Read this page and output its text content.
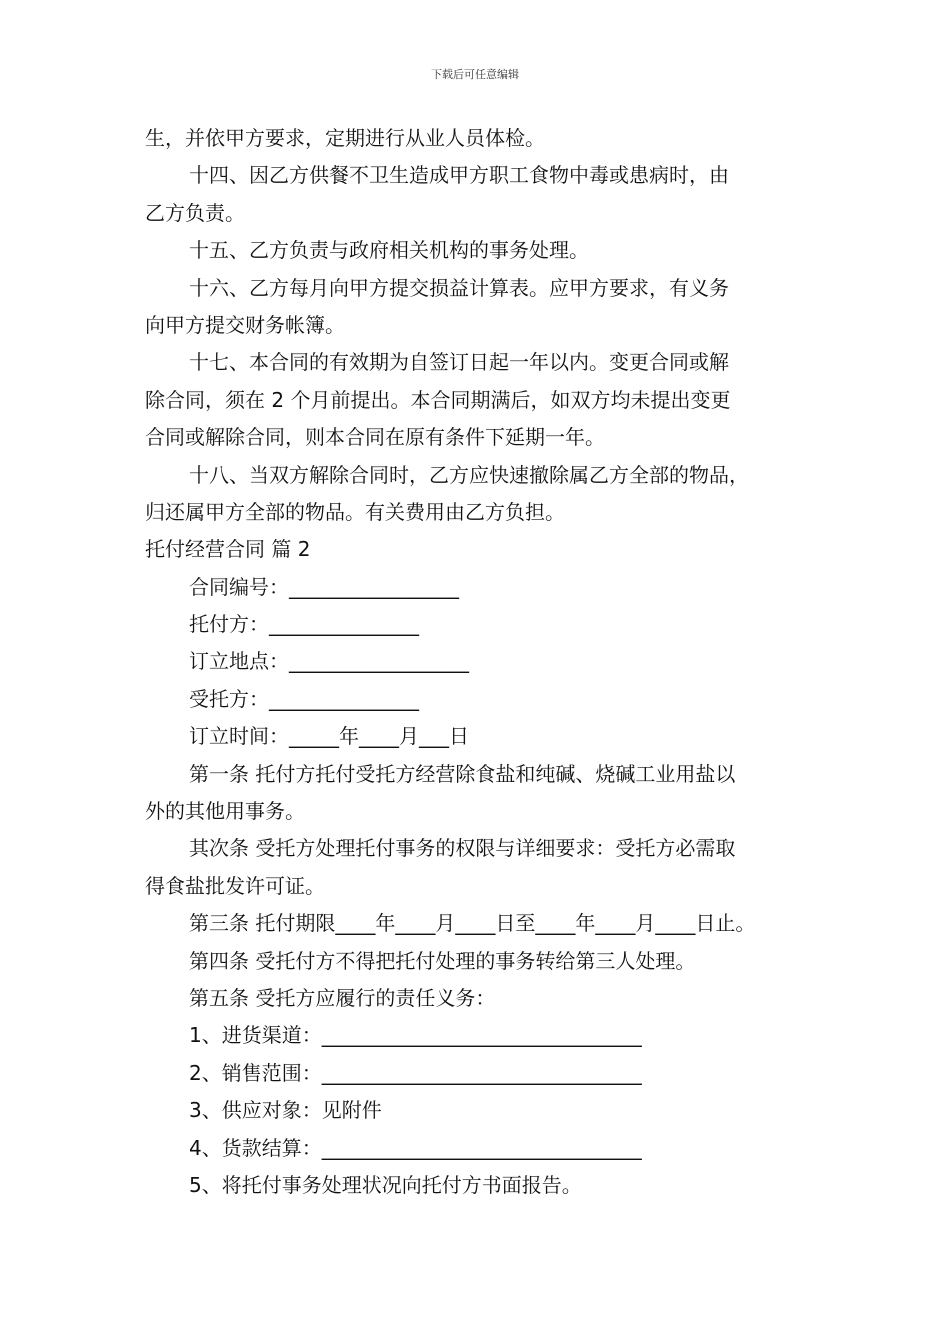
下载后可任意编辑
生，并依甲方要求，定期进行从业人员体检。
十四、因乙方供餐不卫生造成甲方职工食物中毒或患病时，由
乙方负责。
十五、乙方负责与政府相关机构的事务处理。
十六、乙方每月向甲方提交损益计算表。应甲方要求，有义务
向甲方提交财务帐簿。
十七、本合同的有效期为自签订日起一年以内。变更合同或解
除合同，须在 2 个月前提出。本合同期满后，如双方均未提出变更
合同或解除合同，则本合同在原有条件下延期一年。
十八、当双方解除合同时，乙方应快速撤除属乙方全部的物品，
归还属甲方全部的物品。有关费用由乙方负担。
托付经营合同 篇 2
合同编号：_________________
托付方：_______________
订立地点：__________________
受托方：_______________
订立时间：_____年____月___日
第一条 托付方托付受托方经营除食盐和纯碱、烧碱工业用盐以
外的其他用事务。
其次条 受托方处理托付事务的权限与详细要求：受托方必需取
得食盐批发许可证。
第三条 托付期限____年____月____日至____年____月____日止。
第四条 受托付方不得把托付处理的事务转给第三人处理。
第五条 受托方应履行的责任义务：
1、进货渠道：________________________________
2、销售范围：________________________________
3、供应对象：见附件
4、货款结算：________________________________
5、将托付事务处理状况向托付方书面报告。
